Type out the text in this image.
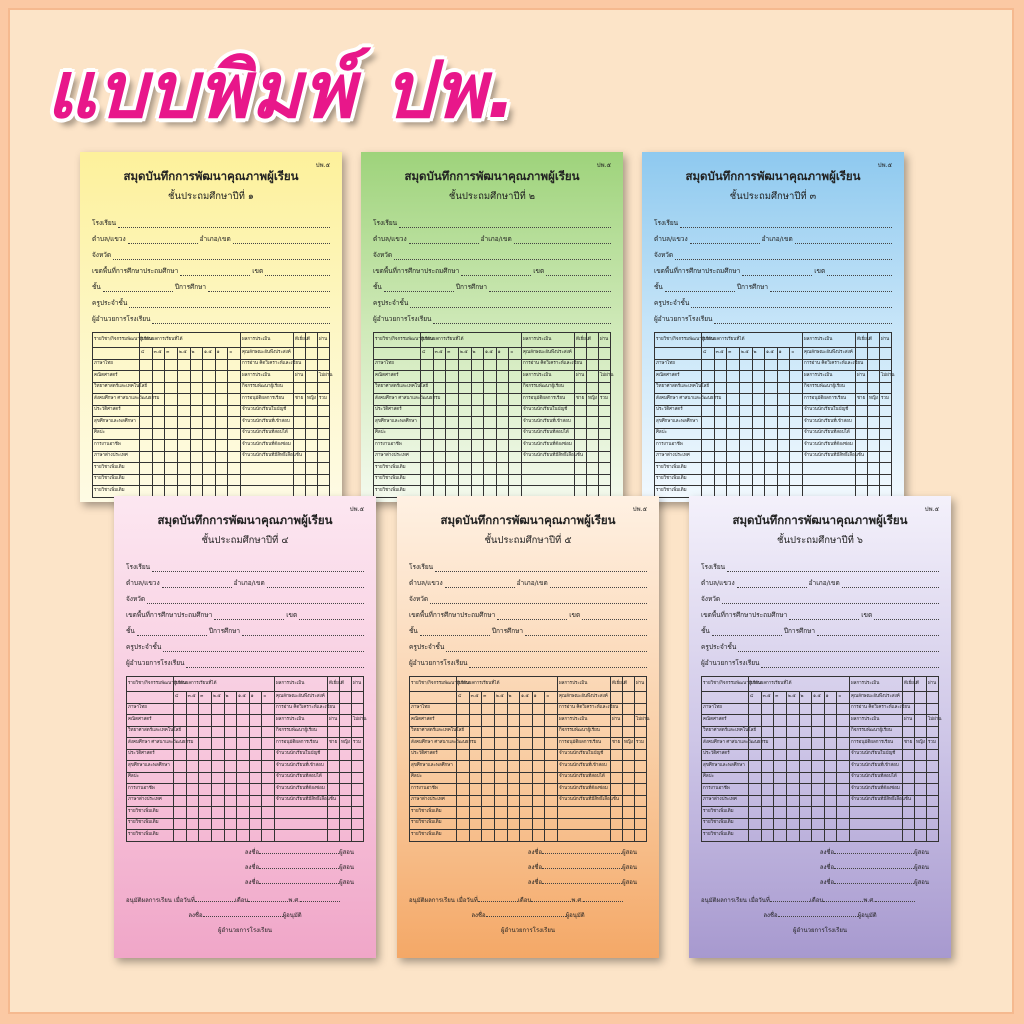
แบบพิมพ์ ปพ.
ปพ.๕
สมุดบันทึกการพัฒนาคุณภาพผู้เรียน
ชั้นประถมศึกษาปีที่ ๑
โรงเรียน
ตำบล/แขวง	อำเภอ/เขต
จังหวัด
เขตพื้นที่การศึกษาประถมศึกษา	เขต
ชั้น	ปีการศึกษา
ครูประจำชั้น
ผู้อำนวยการโรงเรียน
รายวิชา/กิจกรรมพัฒนาผู้เรียน	ระดับผลการเรียนที่ได้								ผลการประเมิน	ดีเยี่ยม	ดี	ผ่าน
	๔	๓.๕	๓	๒.๕	๒	๑.๕	๑	๐	คุณลักษณะอันพึงประสงค์			
ภาษาไทย									การอ่าน คิดวิเคราะห์และเขียน			
คณิตศาสตร์									ผลการประเมิน	ผ่าน		ไม่ผ่าน
วิทยาศาสตร์และเทคโนโลยี									กิจกรรมพัฒนาผู้เรียน			
สังคมศึกษา ศาสนาและวัฒนธรรม									การอนุมัติผลการเรียน	ชาย	หญิง	รวม
ประวัติศาสตร์									จำนวนนักเรียนในบัญชี			
สุขศึกษาและพลศึกษา									จำนวนนักเรียนที่เข้าสอบ			
ศิลปะ									จำนวนนักเรียนที่สอบได้			
การงานอาชีพ									จำนวนนักเรียนที่ต้องซ่อม			
ภาษาต่างประเทศ									จำนวนนักเรียนที่มีสิทธิ์เลื่อนชั้น			
รายวิชาเพิ่มเติม												
รายวิชาเพิ่มเติม												
รายวิชาเพิ่มเติม												
ปพ.๕
สมุดบันทึกการพัฒนาคุณภาพผู้เรียน
ชั้นประถมศึกษาปีที่ ๒
โรงเรียน
ตำบล/แขวง	อำเภอ/เขต
จังหวัด
เขตพื้นที่การศึกษาประถมศึกษา	เขต
ชั้น	ปีการศึกษา
ครูประจำชั้น
ผู้อำนวยการโรงเรียน
รายวิชา/กิจกรรมพัฒนาผู้เรียน	ระดับผลการเรียนที่ได้								ผลการประเมิน	ดีเยี่ยม	ดี	ผ่าน
	๔	๓.๕	๓	๒.๕	๒	๑.๕	๑	๐	คุณลักษณะอันพึงประสงค์			
ภาษาไทย									การอ่าน คิดวิเคราะห์และเขียน			
คณิตศาสตร์									ผลการประเมิน	ผ่าน		ไม่ผ่าน
วิทยาศาสตร์และเทคโนโลยี									กิจกรรมพัฒนาผู้เรียน			
สังคมศึกษา ศาสนาและวัฒนธรรม									การอนุมัติผลการเรียน	ชาย	หญิง	รวม
ประวัติศาสตร์									จำนวนนักเรียนในบัญชี			
สุขศึกษาและพลศึกษา									จำนวนนักเรียนที่เข้าสอบ			
ศิลปะ									จำนวนนักเรียนที่สอบได้			
การงานอาชีพ									จำนวนนักเรียนที่ต้องซ่อม			
ภาษาต่างประเทศ									จำนวนนักเรียนที่มีสิทธิ์เลื่อนชั้น			
รายวิชาเพิ่มเติม												
รายวิชาเพิ่มเติม												
รายวิชาเพิ่มเติม												
ปพ.๕
สมุดบันทึกการพัฒนาคุณภาพผู้เรียน
ชั้นประถมศึกษาปีที่ ๓
โรงเรียน
ตำบล/แขวง	อำเภอ/เขต
จังหวัด
เขตพื้นที่การศึกษาประถมศึกษา	เขต
ชั้น	ปีการศึกษา
ครูประจำชั้น
ผู้อำนวยการโรงเรียน
รายวิชา/กิจกรรมพัฒนาผู้เรียน	ระดับผลการเรียนที่ได้								ผลการประเมิน	ดีเยี่ยม	ดี	ผ่าน
	๔	๓.๕	๓	๒.๕	๒	๑.๕	๑	๐	คุณลักษณะอันพึงประสงค์			
ภาษาไทย									การอ่าน คิดวิเคราะห์และเขียน			
คณิตศาสตร์									ผลการประเมิน	ผ่าน		ไม่ผ่าน
วิทยาศาสตร์และเทคโนโลยี									กิจกรรมพัฒนาผู้เรียน			
สังคมศึกษา ศาสนาและวัฒนธรรม									การอนุมัติผลการเรียน	ชาย	หญิง	รวม
ประวัติศาสตร์									จำนวนนักเรียนในบัญชี			
สุขศึกษาและพลศึกษา									จำนวนนักเรียนที่เข้าสอบ			
ศิลปะ									จำนวนนักเรียนที่สอบได้			
การงานอาชีพ									จำนวนนักเรียนที่ต้องซ่อม			
ภาษาต่างประเทศ									จำนวนนักเรียนที่มีสิทธิ์เลื่อนชั้น			
รายวิชาเพิ่มเติม												
รายวิชาเพิ่มเติม												
รายวิชาเพิ่มเติม												
ปพ.๕
สมุดบันทึกการพัฒนาคุณภาพผู้เรียน
ชั้นประถมศึกษาปีที่ ๔
โรงเรียน
ตำบล/แขวง	อำเภอ/เขต
จังหวัด
เขตพื้นที่การศึกษาประถมศึกษา	เขต
ชั้น	ปีการศึกษา
ครูประจำชั้น
ผู้อำนวยการโรงเรียน
รายวิชา/กิจกรรมพัฒนาผู้เรียน	ระดับผลการเรียนที่ได้								ผลการประเมิน	ดีเยี่ยม	ดี	ผ่าน
	๔	๓.๕	๓	๒.๕	๒	๑.๕	๑	๐	คุณลักษณะอันพึงประสงค์			
ภาษาไทย									การอ่าน คิดวิเคราะห์และเขียน			
คณิตศาสตร์									ผลการประเมิน	ผ่าน		ไม่ผ่าน
วิทยาศาสตร์และเทคโนโลยี									กิจกรรมพัฒนาผู้เรียน			
สังคมศึกษา ศาสนาและวัฒนธรรม									การอนุมัติผลการเรียน	ชาย	หญิง	รวม
ประวัติศาสตร์									จำนวนนักเรียนในบัญชี			
สุขศึกษาและพลศึกษา									จำนวนนักเรียนที่เข้าสอบ			
ศิลปะ									จำนวนนักเรียนที่สอบได้			
การงานอาชีพ									จำนวนนักเรียนที่ต้องซ่อม			
ภาษาต่างประเทศ									จำนวนนักเรียนที่มีสิทธิ์เลื่อนชั้น			
รายวิชาเพิ่มเติม												
รายวิชาเพิ่มเติม												
รายวิชาเพิ่มเติม												
ลงชื่อ	ผู้สอน
ลงชื่อ	ผู้สอน
ลงชื่อ	ผู้สอน
อนุมัติผลการเรียน เมื่อวันที่	เดือน	พ.ศ.
ลงชื่อ	ผู้อนุมัติ
ผู้อำนวยการโรงเรียน
ปพ.๕
สมุดบันทึกการพัฒนาคุณภาพผู้เรียน
ชั้นประถมศึกษาปีที่ ๕
โรงเรียน
ตำบล/แขวง	อำเภอ/เขต
จังหวัด
เขตพื้นที่การศึกษาประถมศึกษา	เขต
ชั้น	ปีการศึกษา
ครูประจำชั้น
ผู้อำนวยการโรงเรียน
รายวิชา/กิจกรรมพัฒนาผู้เรียน	ระดับผลการเรียนที่ได้								ผลการประเมิน	ดีเยี่ยม	ดี	ผ่าน
	๔	๓.๕	๓	๒.๕	๒	๑.๕	๑	๐	คุณลักษณะอันพึงประสงค์			
ภาษาไทย									การอ่าน คิดวิเคราะห์และเขียน			
คณิตศาสตร์									ผลการประเมิน	ผ่าน		ไม่ผ่าน
วิทยาศาสตร์และเทคโนโลยี									กิจกรรมพัฒนาผู้เรียน			
สังคมศึกษา ศาสนาและวัฒนธรรม									การอนุมัติผลการเรียน	ชาย	หญิง	รวม
ประวัติศาสตร์									จำนวนนักเรียนในบัญชี			
สุขศึกษาและพลศึกษา									จำนวนนักเรียนที่เข้าสอบ			
ศิลปะ									จำนวนนักเรียนที่สอบได้			
การงานอาชีพ									จำนวนนักเรียนที่ต้องซ่อม			
ภาษาต่างประเทศ									จำนวนนักเรียนที่มีสิทธิ์เลื่อนชั้น			
รายวิชาเพิ่มเติม												
รายวิชาเพิ่มเติม												
รายวิชาเพิ่มเติม												
ลงชื่อ	ผู้สอน
ลงชื่อ	ผู้สอน
ลงชื่อ	ผู้สอน
อนุมัติผลการเรียน เมื่อวันที่	เดือน	พ.ศ.
ลงชื่อ	ผู้อนุมัติ
ผู้อำนวยการโรงเรียน
ปพ.๕
สมุดบันทึกการพัฒนาคุณภาพผู้เรียน
ชั้นประถมศึกษาปีที่ ๖
โรงเรียน
ตำบล/แขวง	อำเภอ/เขต
จังหวัด
เขตพื้นที่การศึกษาประถมศึกษา	เขต
ชั้น	ปีการศึกษา
ครูประจำชั้น
ผู้อำนวยการโรงเรียน
รายวิชา/กิจกรรมพัฒนาผู้เรียน	ระดับผลการเรียนที่ได้								ผลการประเมิน	ดีเยี่ยม	ดี	ผ่าน
	๔	๓.๕	๓	๒.๕	๒	๑.๕	๑	๐	คุณลักษณะอันพึงประสงค์			
ภาษาไทย									การอ่าน คิดวิเคราะห์และเขียน			
คณิตศาสตร์									ผลการประเมิน	ผ่าน		ไม่ผ่าน
วิทยาศาสตร์และเทคโนโลยี									กิจกรรมพัฒนาผู้เรียน			
สังคมศึกษา ศาสนาและวัฒนธรรม									การอนุมัติผลการเรียน	ชาย	หญิง	รวม
ประวัติศาสตร์									จำนวนนักเรียนในบัญชี			
สุขศึกษาและพลศึกษา									จำนวนนักเรียนที่เข้าสอบ			
ศิลปะ									จำนวนนักเรียนที่สอบได้			
การงานอาชีพ									จำนวนนักเรียนที่ต้องซ่อม			
ภาษาต่างประเทศ									จำนวนนักเรียนที่มีสิทธิ์เลื่อนชั้น			
รายวิชาเพิ่มเติม												
รายวิชาเพิ่มเติม												
รายวิชาเพิ่มเติม												
ลงชื่อ	ผู้สอน
ลงชื่อ	ผู้สอน
ลงชื่อ	ผู้สอน
อนุมัติผลการเรียน เมื่อวันที่	เดือน	พ.ศ.
ลงชื่อ	ผู้อนุมัติ
ผู้อำนวยการโรงเรียน
